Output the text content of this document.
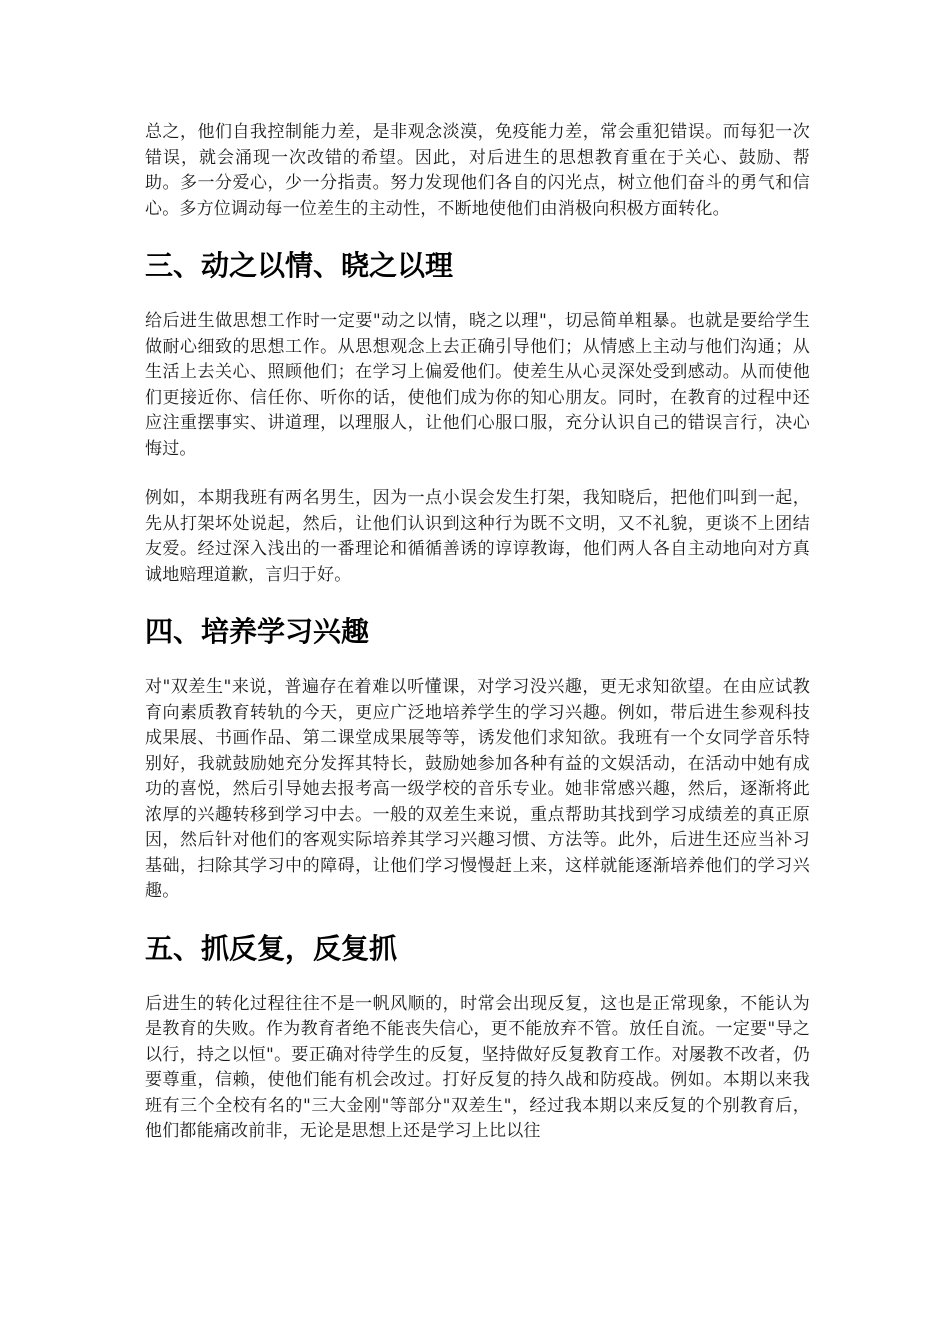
总之，他们自我控制能力差，是非观念淡漠，免疫能力差，常会重犯错误。而每犯一次错误，就会涌现一次改错的希望。因此，对后进生的思想教育重在于关心、鼓励、帮助。多一分爱心，少一分指责。努力发现他们各自的闪光点，树立他们奋斗的勇气和信心。多方位调动每一位差生的主动性，不断地使他们由消极向积极方面转化。

三、动之以情、晓之以理

给后进生做思想工作时一定要"动之以情，晓之以理"，切忌简单粗暴。也就是要给学生做耐心细致的思想工作。从思想观念上去正确引导他们；从情感上主动与他们沟通；从生活上去关心、照顾他们；在学习上偏爱他们。使差生从心灵深处受到感动。从而使他们更接近你、信任你、听你的话，使他们成为你的知心朋友。同时，在教育的过程中还应注重摆事实、讲道理，以理服人，让他们心服口服，充分认识自己的错误言行，决心悔过。

例如，本期我班有两名男生，因为一点小误会发生打架，我知晓后，把他们叫到一起，先从打架坏处说起，然后，让他们认识到这种行为既不文明，又不礼貌，更谈不上团结友爱。经过深入浅出的一番理论和循循善诱的谆谆教诲，他们两人各自主动地向对方真诚地赔理道歉，言归于好。

四、培养学习兴趣

对"双差生"来说，普遍存在着难以听懂课，对学习没兴趣，更无求知欲望。在由应试教育向素质教育转轨的今天，更应广泛地培养学生的学习兴趣。例如，带后进生参观科技成果展、书画作品、第二课堂成果展等等，诱发他们求知欲。我班有一个女同学音乐特别好，我就鼓励她充分发挥其特长，鼓励她参加各种有益的文娱活动，在活动中她有成功的喜悦，然后引导她去报考高一级学校的音乐专业。她非常感兴趣，然后，逐渐将此浓厚的兴趣转移到学习中去。一般的双差生来说，重点帮助其找到学习成绩差的真正原因，然后针对他们的客观实际培养其学习兴趣习惯、方法等。此外，后进生还应当补习基础，扫除其学习中的障碍，让他们学习慢慢赶上来，这样就能逐渐培养他们的学习兴趣。

五、抓反复，反复抓

后进生的转化过程往往不是一帆风顺的，时常会出现反复，这也是正常现象，不能认为是教育的失败。作为教育者绝不能丧失信心，更不能放弃不管。放任自流。一定要"导之以行，持之以恒"。要正确对待学生的反复，坚持做好反复教育工作。对屡教不改者，仍要尊重，信赖，使他们能有机会改过。打好反复的持久战和防疫战。例如。本期以来我班有三个全校有名的"三大金刚"等部分"双差生"，经过我本期以来反复的个别教育后，他们都能痛改前非，无论是思想上还是学习上比以往
